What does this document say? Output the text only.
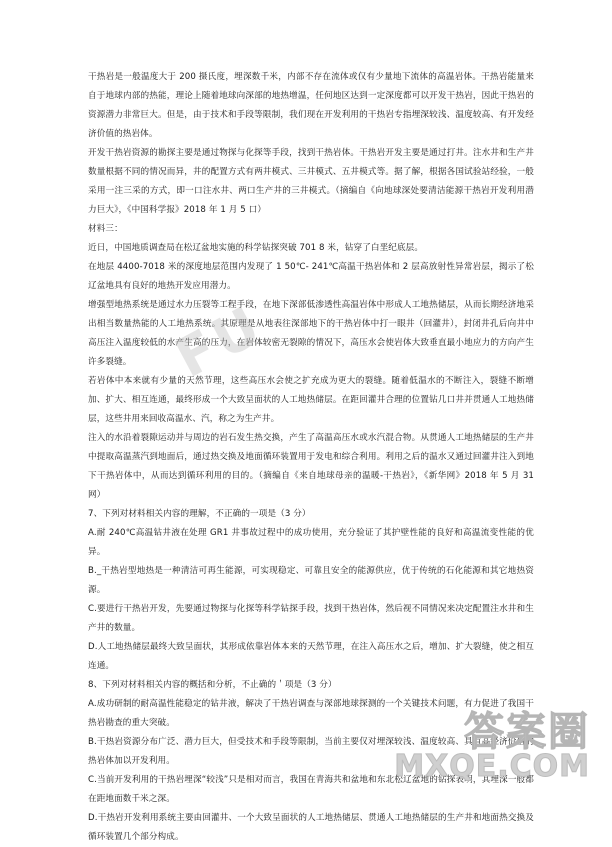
干热岩是一般温度大于 200 摄氏度，埋深数千米，内部不存在流体或仅有少量地下流体的高温岩体。干热岩能量来自于地球内部的热能，理论上随着地球向深部的地热增温，任何地区达到一定深度都可以开发干热岩，因此干热岩的资源潜力非常巨大。但是，由于技术和手段等限制，我们现在开发利用的干热岩专指埋深较浅、温度较高、有开发经济价值的热岩体。

开发干热岩资源的勘探主要是通过物探与化探等手段，找到干热岩体。干热岩开发主要是通过打井。注水井和生产井数量根据不同的情况而异，井的配置方式有两井模式、三井模式、五井模式等。据了解，根据各国试验站经验，一般采用一注三采的方式，即一口注水井、两口生产井的三井模式。（摘编自《向地球深处要清洁能源干热岩开发利用潜力巨大》，《中国科学报》2018 年 1 月 5 口）

材料三：

近日，中国地质调查局在松辽盆地实施的科学钻探突破 701 8 米，钻穿了白垩纪底层。

在地层 4400-7018 米的深度地层范围内发现了 1 50℃- 241℃高温干热岩体和 2 层高放射性异常岩层，揭示了松辽盆地具有良好的地热开发应用潜力。

增强型地热系统是通过水力压裂等工程手段，在地下深部低渗透性高温岩体中形成人工地热储层，从而长期经济地采出相当数量热能的人工地热系统。其原理是从地表往深部地下的干热岩体中打一眼井（回灌井），封闭井孔后向井中高压注入温度较低的水产生高的压力，在岩体较密无裂隙的情况下，高压水会使岩体大致垂直最小地应力的方向产生许多裂缝。

若岩体中本来就有少量的天然节理，这些高压水会使之扩充成为更大的裂缝。随着低温水的不断注入，裂缝不断增加、扩大、相互连通，最终形成一个大致呈面状的人工地热储层。在距回灌井合理的位置钻几口井并贯通人工地热储层，这些井用来回收高温水、汽，称之为生产井。

注入的水沿着裂隙运动并与周边的岩石发生热交换，产生了高温高压水或水汽混合物。从贯通人工地热储层的生产井中提取高温蒸汽到地面后，通过热交换及地面循环装置用于发电和综合利用。利用之后的温水又通过回灌井注入到地下干热岩体中，从而达到循环利用的目的。（摘编自《来自地球母亲的温暖-干热岩》，《新华网》2018 年 5 月 31 网）

7、下列对材料相关内容的理解，不正确的一项是（3 分）

A.耐 240℃高温钻井液在处理 GR1 井事故过程中的成功使用，充分验证了其护壁性能的良好和高温流变性能的优异。

B._干热岩型地热是一种清洁可再生能源，可实现稳定、可靠且安全的能源供应，优于传统的石化能源和其它地热资源。

C.要进行干热岩开发，先要通过物探与化探等科学钻探手段，找到干热岩体，然后视不同情况来决定配置注水井和生产井的数量。

D.人工地热储层最终大致呈面状，其形成依靠岩体本来的天然节理，在注入高压水之后，增加、扩大裂缝，使之相互连通。

8、下列对材料相关内容的概括和分析，不止确的＇项是（3 分）

A.成功研制的耐高温性能稳定的钻井液，解决了干热岩调查与深部地球探测的一个关键技术问题，有力促进了我国干热岩勘查的重大突破。

B.干热岩资源分布广泛、潜力巨大，但受技术和手段等限制，当前主要仅对埋深较浅、温度较高、具有高经济价值的热岩体加以开发利用。

C.当前开发利用的干热岩埋深“较浅”只是相对而言，我国在青海共和盆地和东北松辽盆地的钻探表明，其埋深一般都在距地面数千米之深。

D.干热岩开发利用系统主要由回灌井、一个大致呈面状的人工地热储层、贯通人工地热储层的生产井和地面热交换及循环装置几个部分构成。

FU
答案圈
MXQE.COM
